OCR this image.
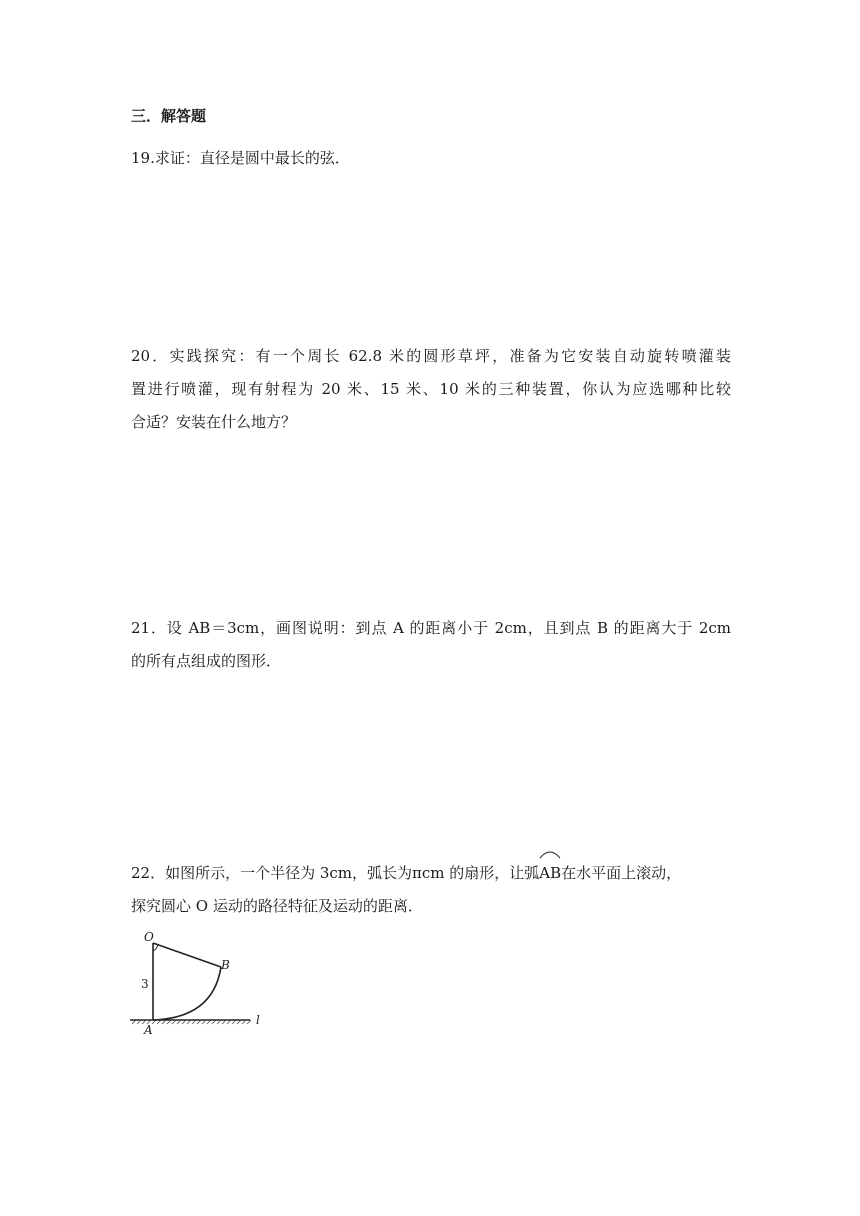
三．解答题
19.求证：直径是圆中最长的弦．
20．实践探究：有一个周长 62.8 米的圆形草坪，准备为它安装自动旋转喷灌装
置进行喷灌，现有射程为 20 米、15 米、10 米的三种装置，你认为应选哪种比较
合适？安装在什么地方？
21．设 AB＝3cm，画图说明：到点 A 的距离小于 2cm，且到点 B 的距离大于 2cm
的所有点组成的图形．
22．如图所示，一个半径为 3cm，弧长为πcm 的扇形，让弧
AB在水平面上滚动，
探究圆心 O 运动的路径特征及运动的距离．
O
B
A
l
3
